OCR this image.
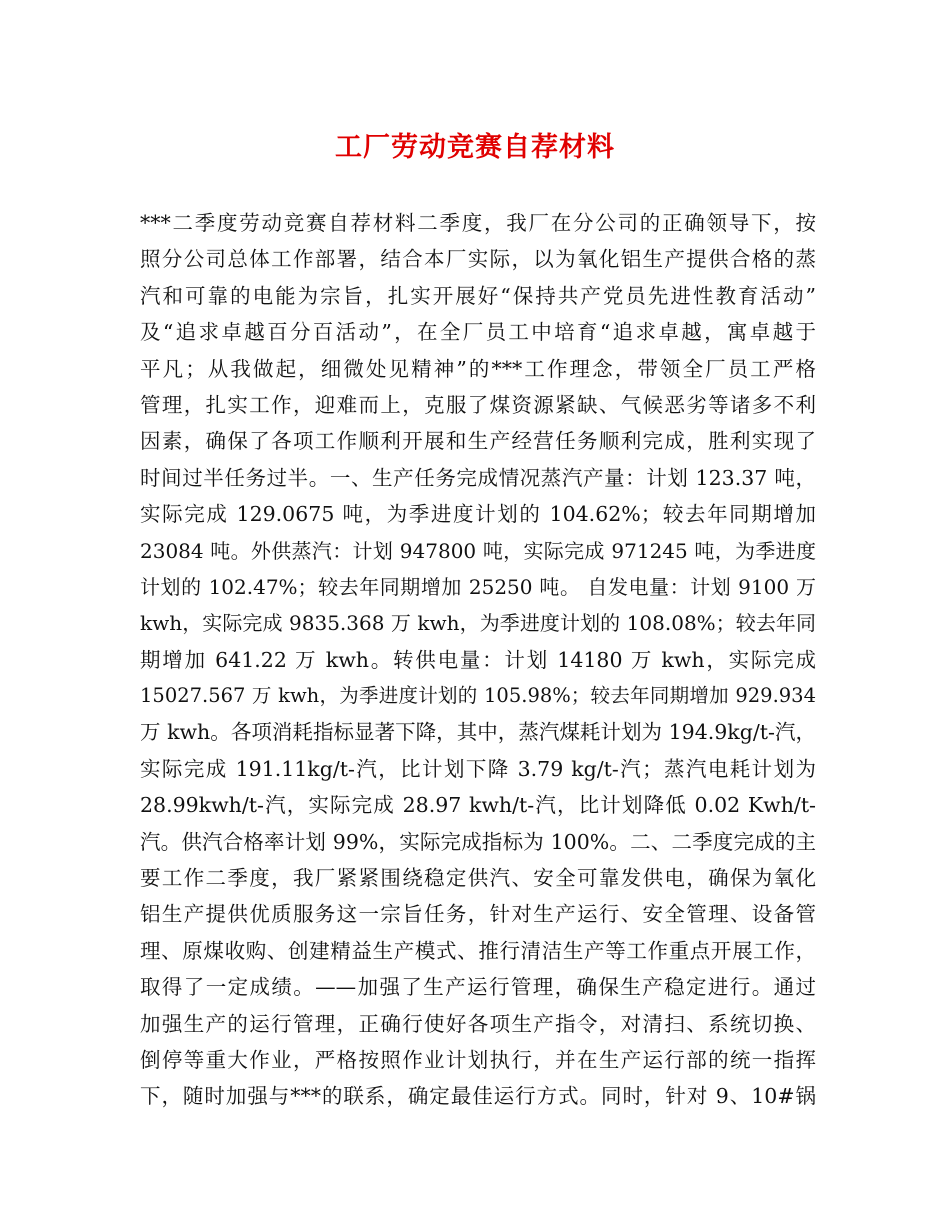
工厂劳动竞赛自荐材料
***二季度劳动竞赛自荐材料二季度，我厂在分公司的正确领导下，按
照分公司总体工作部署，结合本厂实际，以为氧化铝生产提供合格的蒸
汽和可靠的电能为宗旨，扎实开展好“保持共产党员先进性教育活动”
及“追求卓越百分百活动”，在全厂员工中培育“追求卓越，寓卓越于
平凡；从我做起，细微处见精神”的***工作理念，带领全厂员工严格
管理，扎实工作，迎难而上，克服了煤资源紧缺、气候恶劣等诸多不利
因素，确保了各项工作顺利开展和生产经营任务顺利完成，胜利实现了
时间过半任务过半。一、生产任务完成情况蒸汽产量：计划 123.37 吨，
实际完成 129.0675 吨，为季进度计划的 104.62%；较去年同期增加
23084 吨。外供蒸汽：计划 947800 吨，实际完成 971245 吨，为季进度
计划的 102.47%；较去年同期增加 25250 吨。 自发电量：计划 9100 万
kwh，实际完成 9835.368 万 kwh，为季进度计划的 108.08%；较去年同
期增加 641.22 万 kwh。转供电量：计划 14180 万 kwh，实际完成
15027.567 万 kwh，为季进度计划的 105.98%；较去年同期增加 929.934
万 kwh。各项消耗指标显著下降，其中，蒸汽煤耗计划为 194.9kg/t-汽，
实际完成 191.11kg/t-汽，比计划下降 3.79 kg/t-汽；蒸汽电耗计划为
28.99kwh/t-汽，实际完成 28.97 kwh/t-汽，比计划降低 0.02 Kwh/t-
汽。供汽合格率计划 99%，实际完成指标为 100%。二、二季度完成的主
要工作二季度，我厂紧紧围绕稳定供汽、安全可靠发供电，确保为氧化
铝生产提供优质服务这一宗旨任务，针对生产运行、安全管理、设备管
理、原煤收购、创建精益生产模式、推行清洁生产等工作重点开展工作，
取得了一定成绩。——加强了生产运行管理，确保生产稳定进行。通过
加强生产的运行管理，正确行使好各项生产指令，对清扫、系统切换、
倒停等重大作业，严格按照作业计划执行，并在生产运行部的统一指挥
下，随时加强与***的联系，确定最佳运行方式。同时，针对 9、10#锅
